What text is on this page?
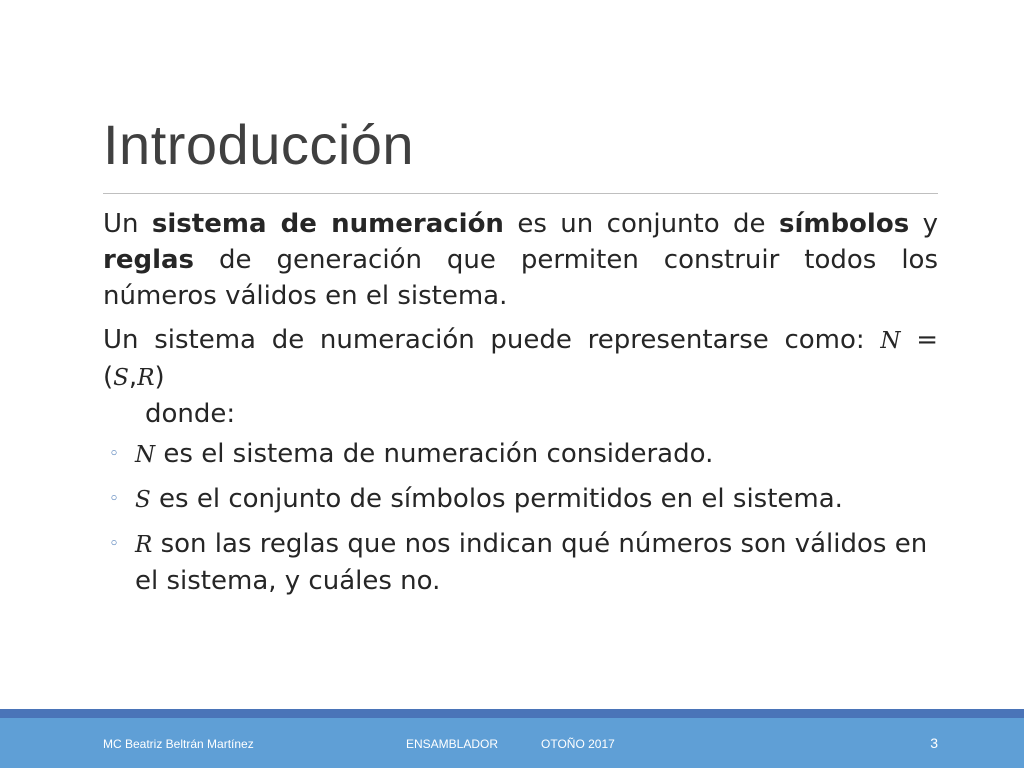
Introducción
Un sistema de numeración es un conjunto de símbolos y reglas de generación que permiten construir todos los números válidos en el sistema.
Un sistema de numeración puede representarse como: N =(S,R)
donde:
◦ N es el sistema de numeración considerado.
◦ S es el conjunto de símbolos permitidos en el sistema.
◦ R son las reglas que nos indican qué números son válidos en el sistema, y cuáles no.
MC Beatriz Beltrán Martínez	ENSAMBLADOR	OTOÑO 2017	3
